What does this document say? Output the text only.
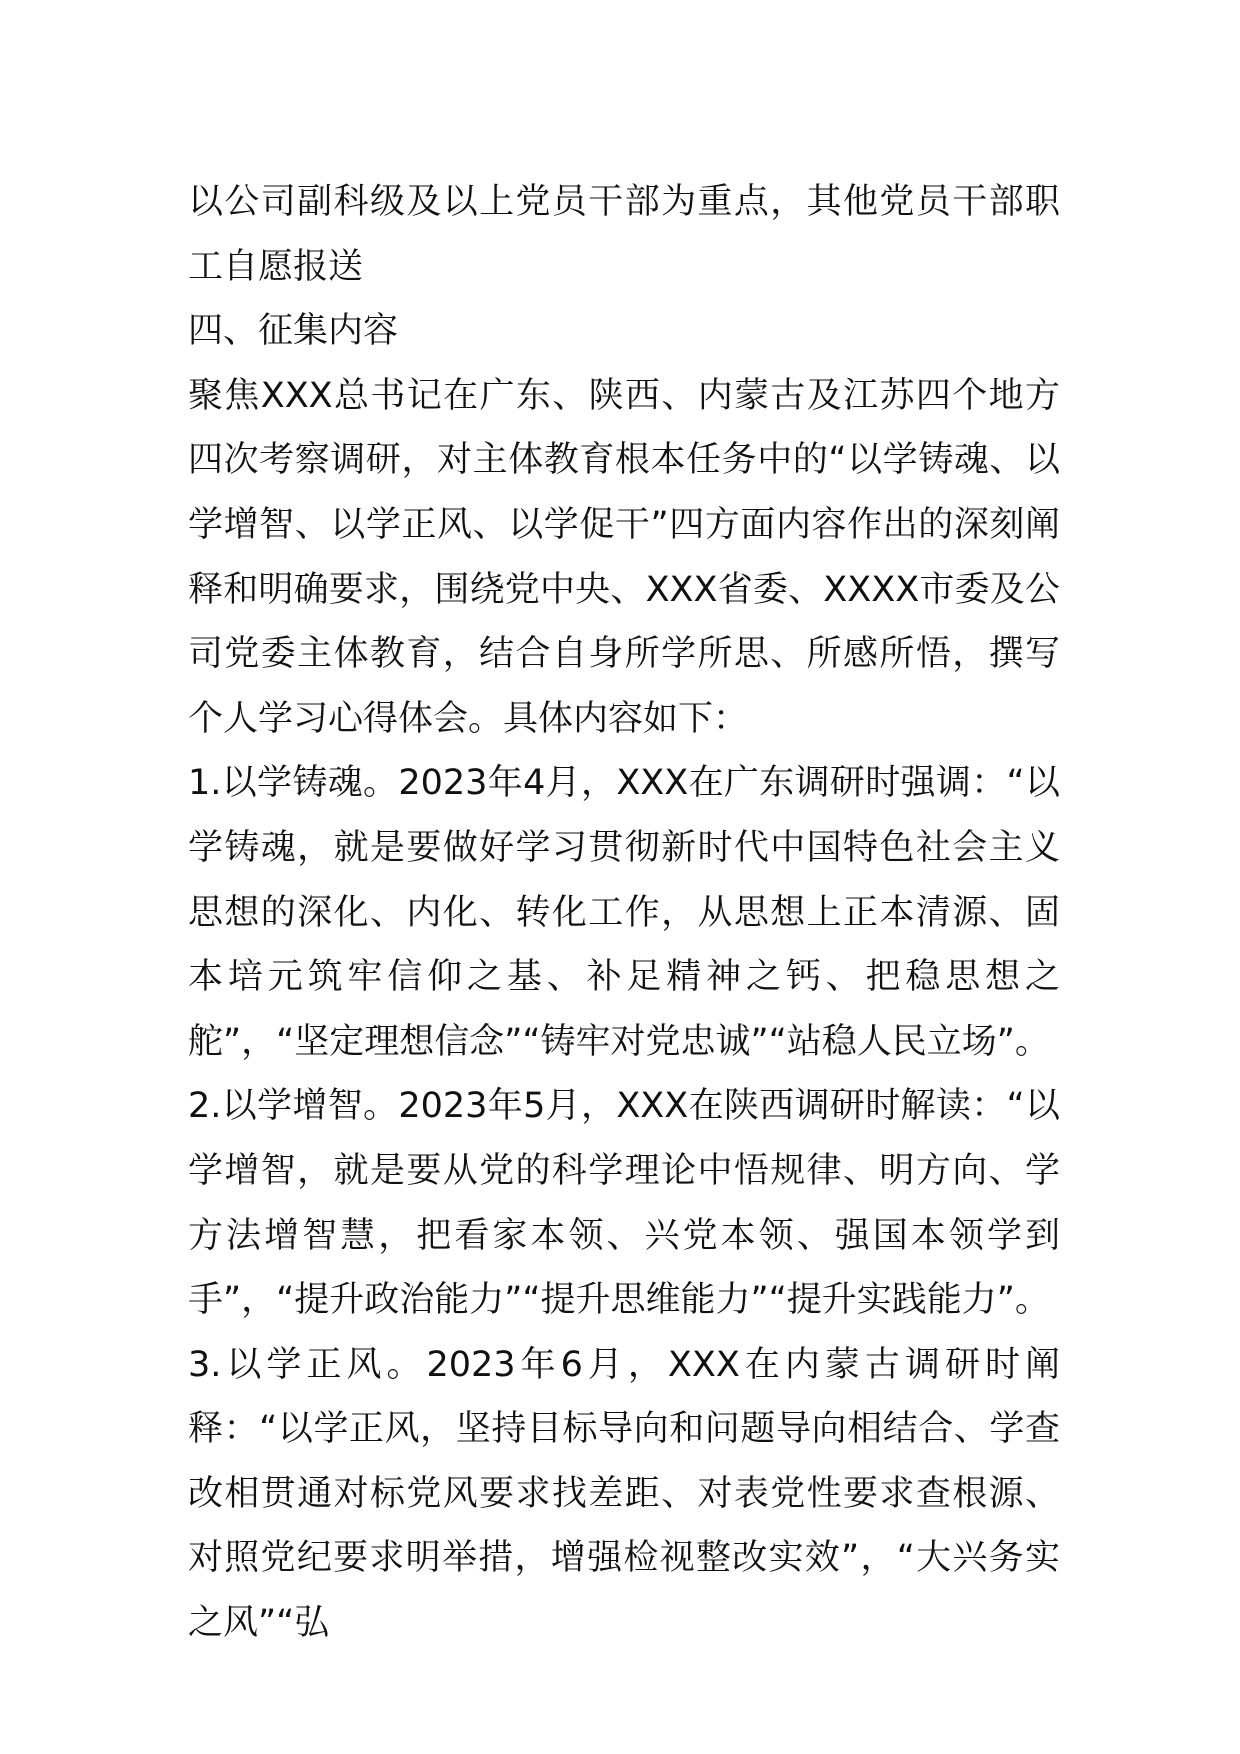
以公司副科级及以上党员干部为重点，其他党员干部职工自愿报送

四、征集内容

聚焦XXX总书记在广东、陕西、内蒙古及江苏四个地方四次考察调研，对主体教育根本任务中的“以学铸魂、以学增智、以学正风、以学促干”四方面内容作出的深刻阐释和明确要求，围绕党中央、XXX省委、XXXX市委及公司党委主体教育，结合自身所学所思、所感所悟，撰写个人学习心得体会。具体内容如下：

1.以学铸魂。2023年4月，XXX在广东调研时强调：“以学铸魂，就是要做好学习贯彻新时代中国特色社会主义思想的深化、内化、转化工作，从思想上正本清源、固本培元筑牢信仰之基、补足精神之钙、把稳思想之舵”，“坚定理想信念”“铸牢对党忠诚”“站稳人民立场”。

2.以学增智。2023年5月，XXX在陕西调研时解读：“以学增智，就是要从党的科学理论中悟规律、明方向、学方法增智慧，把看家本领、兴党本领、强国本领学到手”，“提升政治能力”“提升思维能力”“提升实践能力”。

3.以学正风。2023年6月，XXX在内蒙古调研时阐释：“以学正风，坚持目标导向和问题导向相结合、学查改相贯通对标党风要求找差距、对表党性要求查根源、对照党纪要求明举措，增强检视整改实效”，“大兴务实之风”“弘
